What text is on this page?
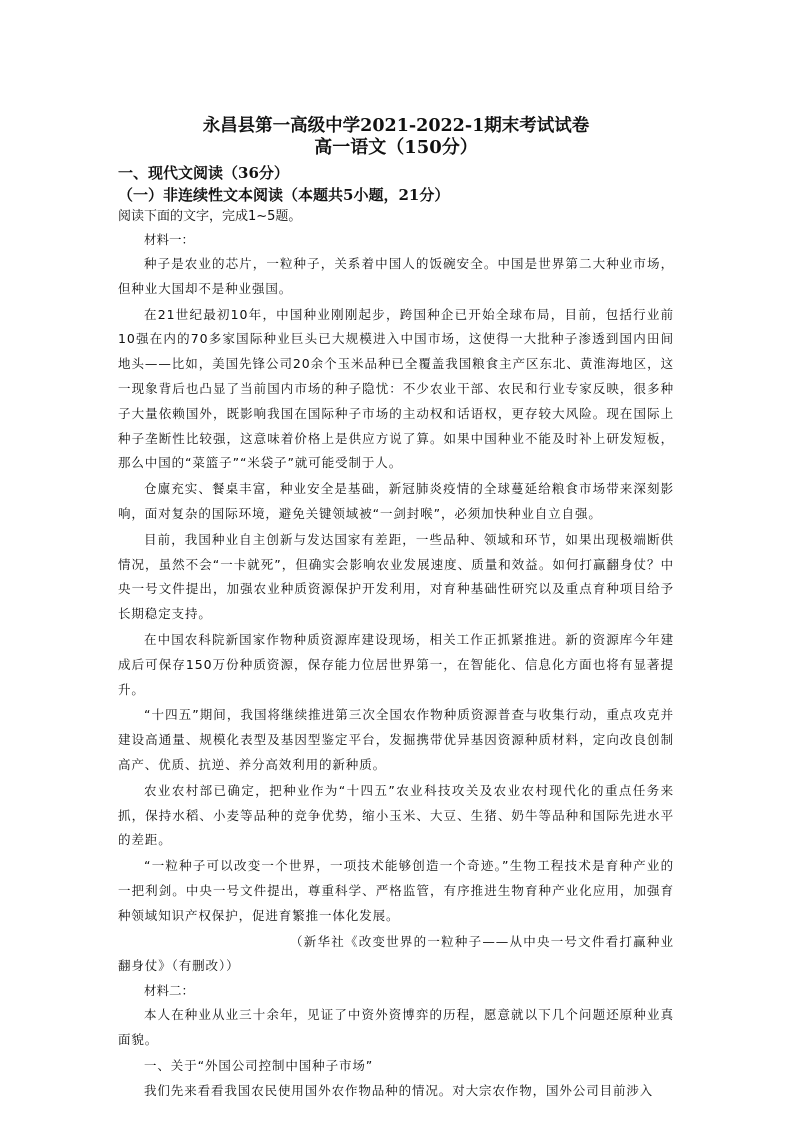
永昌县第一高级中学2021-2022-1期末考试试卷

高一语文（150分）

一、现代文阅读（36分）

（一）非连续性文本阅读（本题共5小题，21分）

阅读下面的文字，完成1~5题。

材料一：

种子是农业的芯片，一粒种子，关系着中国人的饭碗安全。中国是世界第二大种业市场，但种业大国却不是种业强国。

在21世纪最初10年，中国种业刚刚起步，跨国种企已开始全球布局，目前，包括行业前10强在内的70多家国际种业巨头已大规模进入中国市场，这使得一大批种子渗透到国内田间地头——比如，美国先锋公司20余个玉米品种已全覆盖我国粮食主产区东北、黄淮海地区，这一现象背后也凸显了当前国内市场的种子隐忧：不少农业干部、农民和行业专家反映，很多种子大量依赖国外，既影响我国在国际种子市场的主动权和话语权，更存较大风险。现在国际上种子垄断性比较强，这意味着价格上是供应方说了算。如果中国种业不能及时补上研发短板，那么中国的“菜篮子”“米袋子”就可能受制于人。

仓廪充实、餐桌丰富，种业安全是基础，新冠肺炎疫情的全球蔓延给粮食市场带来深刻影响，面对复杂的国际环境，避免关键领域被“一剑封喉”，必须加快种业自立自强。

目前，我国种业自主创新与发达国家有差距，一些品种、领域和环节，如果出现极端断供情况，虽然不会“一卡就死”，但确实会影响农业发展速度、质量和效益。如何打赢翻身仗？中央一号文件提出，加强农业种质资源保护开发利用，对育种基础性研究以及重点育种项目给予长期稳定支持。

在中国农科院新国家作物种质资源库建设现场，相关工作正抓紧推进。新的资源库今年建成后可保存150万份种质资源，保存能力位居世界第一，在智能化、信息化方面也将有显著提升。

“十四五”期间，我国将继续推进第三次全国农作物种质资源普查与收集行动，重点攻克并建设高通量、规模化表型及基因型鉴定平台，发掘携带优异基因资源种质材料，定向改良创制高产、优质、抗逆、养分高效利用的新种质。

农业农村部已确定，把种业作为“十四五”农业科技攻关及农业农村现代化的重点任务来抓，保持水稻、小麦等品种的竞争优势，缩小玉米、大豆、生猪、奶牛等品种和国际先进水平的差距。

“一粒种子可以改变一个世界，一项技术能够创造一个奇迹。”生物工程技术是育种产业的一把利剑。中央一号文件提出，尊重科学、严格监管，有序推进生物育种产业化应用，加强育种领域知识产权保护，促进育繁推一体化发展。

（新华社《改变世界的一粒种子——从中央一号文件看打赢种业翻身仗》（有删改））

材料二：

本人在种业从业三十余年，见证了中资外资博弈的历程，愿意就以下几个问题还原种业真面貌。

一、关于“外国公司控制中国种子市场”

我们先来看看我国农民使用国外农作物品种的情况。对大宗农作物，国外公司目前涉入
